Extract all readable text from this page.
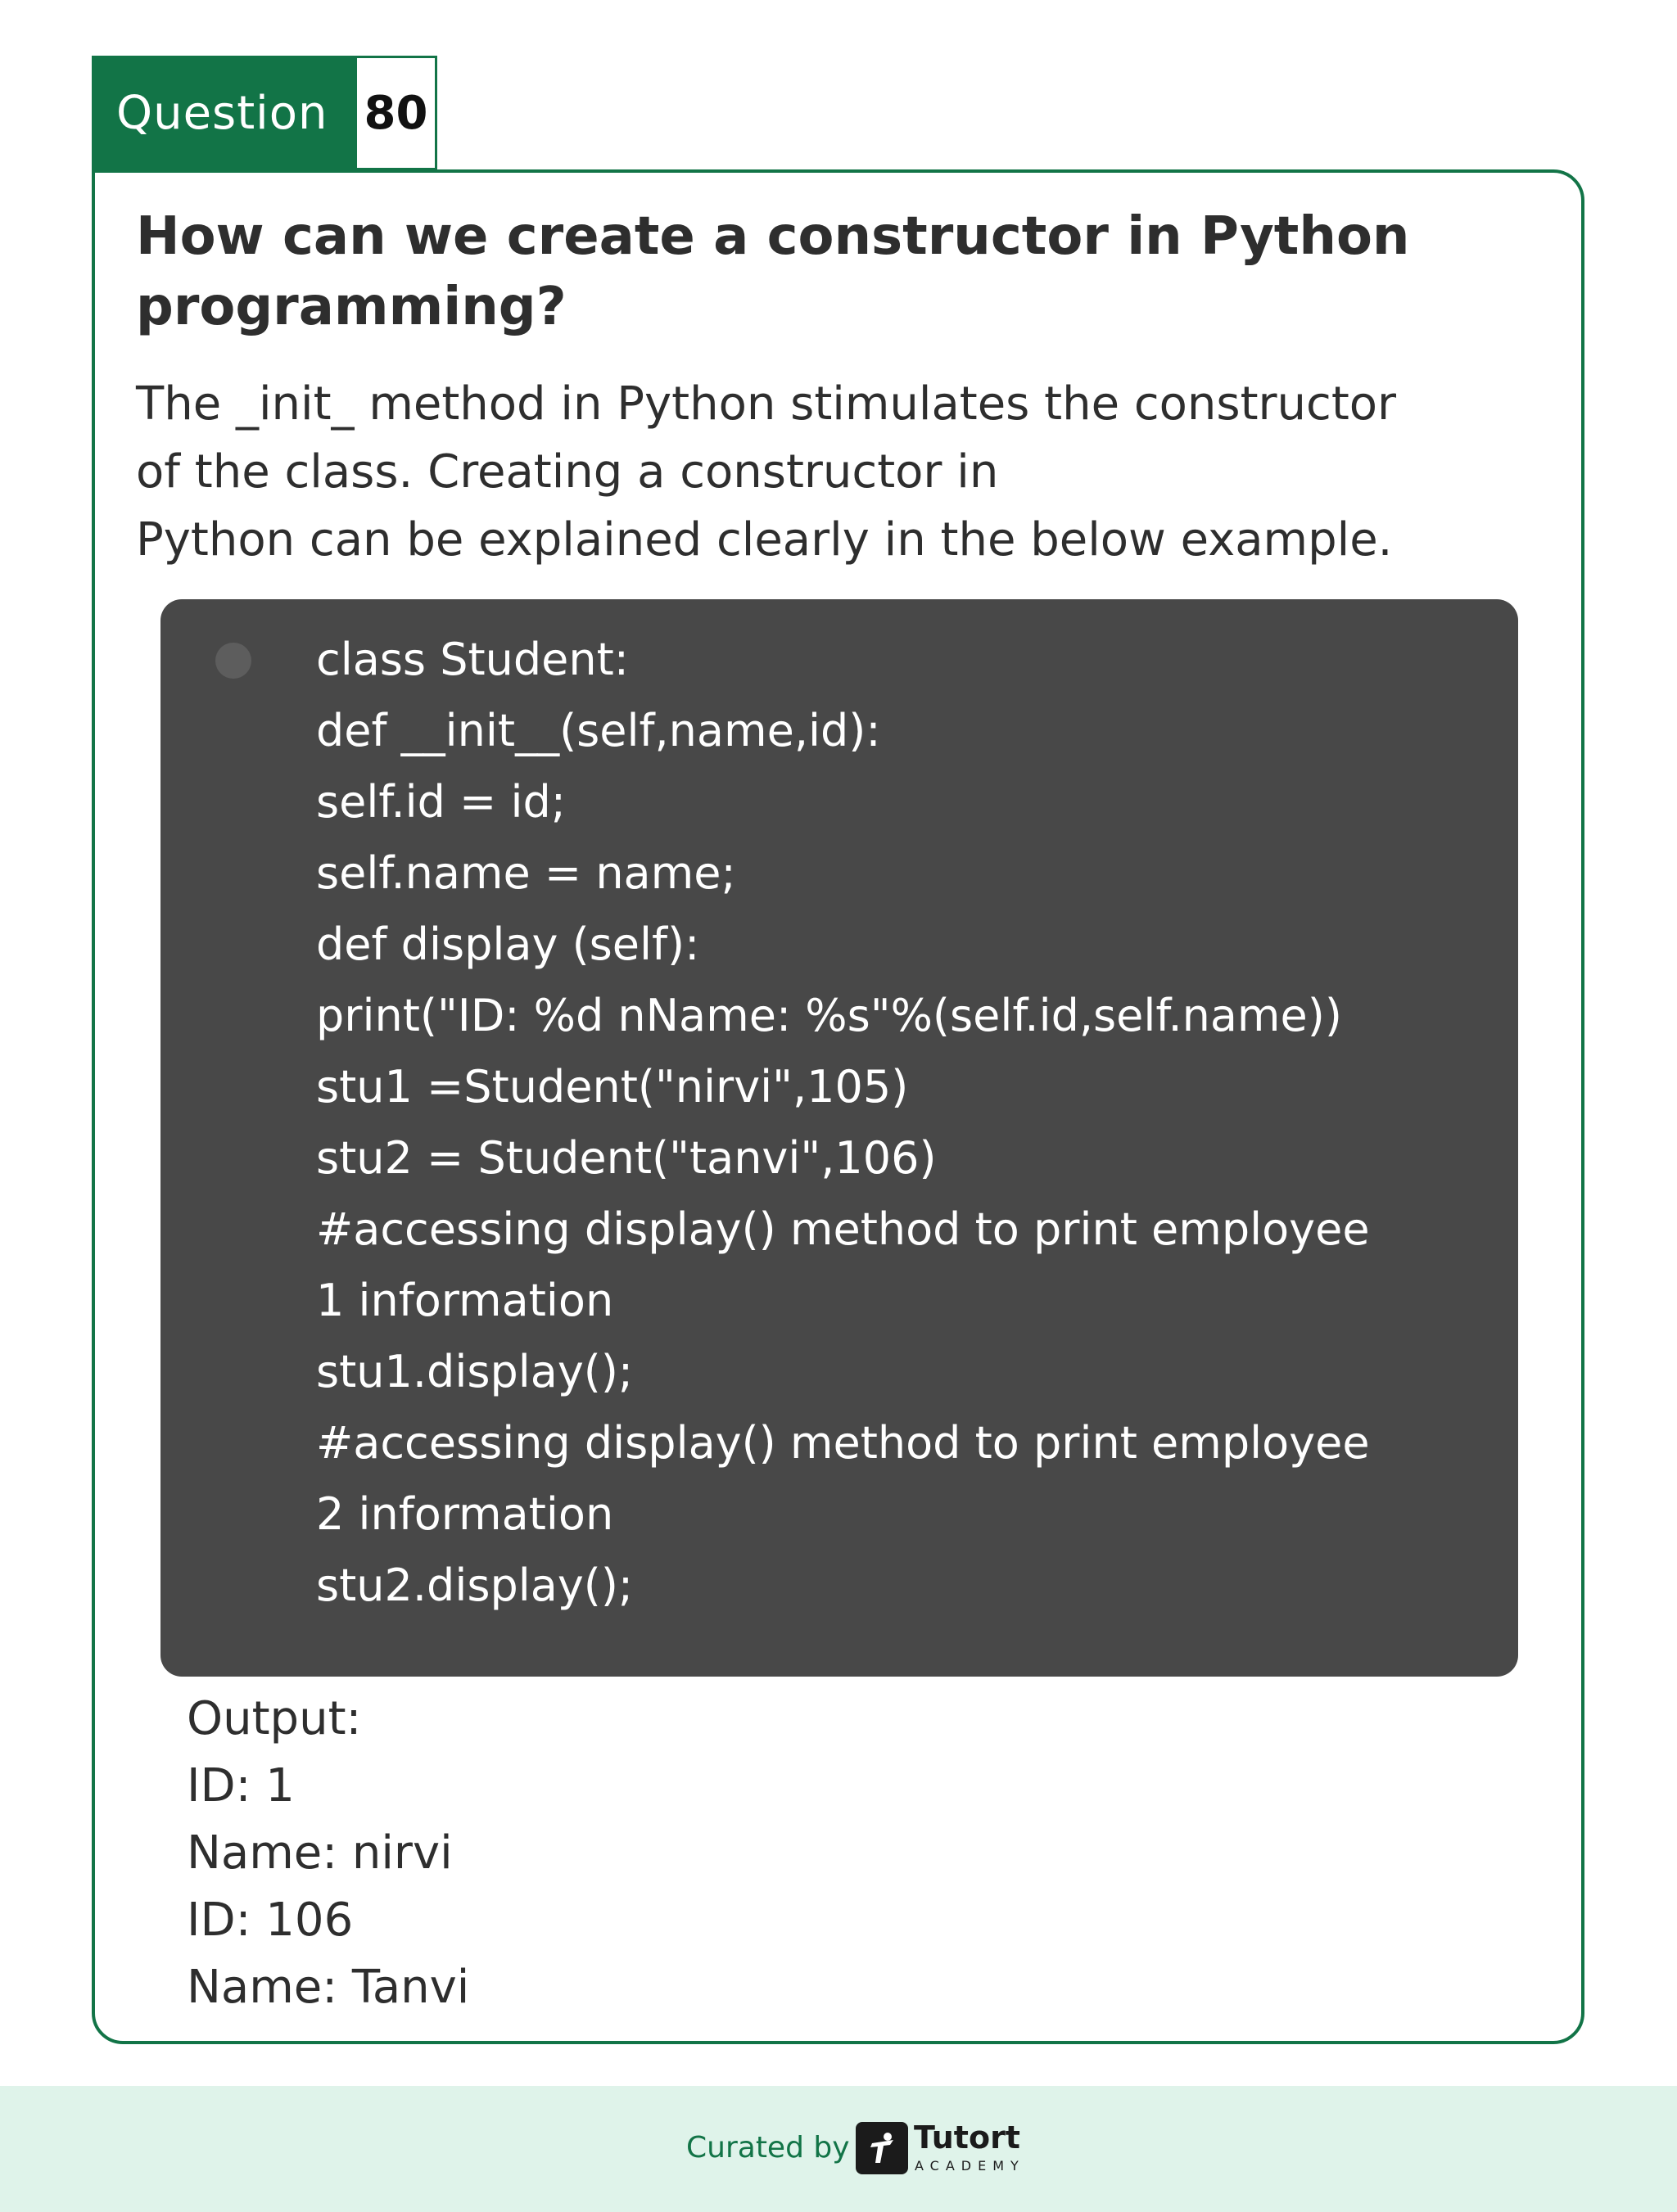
Question 80
How can we create a constructor in Python programming?

The _init_ method in Python stimulates the constructor
of the class. Creating a constructor in
Python can be explained clearly in the below example.

class Student:
def __init__(self,name,id):
self.id = id;
self.name = name;
def display (self):
print("ID: %d nName: %s"%(self.id,self.name))
stu1 =Student("nirvi",105)
stu2 = Student("tanvi",106)
#accessing display() method to print employee
1 information
stu1.display();
#accessing display() method to print employee
2 information
stu2.display();
Output:
ID: 1
Name: nirvi
ID: 106
Name: Tanvi
Curated by Tutort
ACADEMY
